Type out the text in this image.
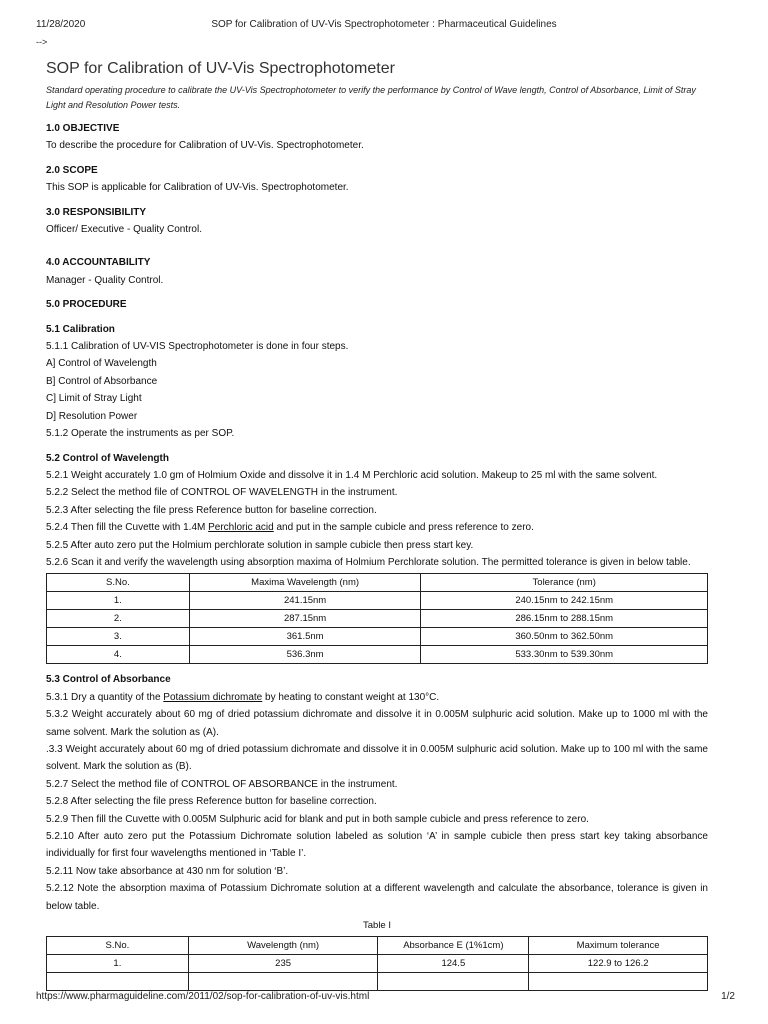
11/28/2020	SOP for Calibration of UV-Vis Spectrophotometer : Pharmaceutical Guidelines
-->
SOP for Calibration of UV-Vis Spectrophotometer

Standard operating procedure to calibrate the UV-Vis Spectrophotometer to verify the performance by Control of Wave length, Control of Absorbance, Limit of Stray Light and Resolution Power tests.

1.0 OBJECTIVE

To describe the procedure for Calibration of UV-Vis. Spectrophotometer.

2.0 SCOPE

This SOP is applicable for Calibration of UV-Vis. Spectrophotometer.

3.0 RESPONSIBILITY

Officer/ Executive - Quality Control.

4.0 ACCOUNTABILITY

Manager - Quality Control.

5.0 PROCEDURE

5.1 Calibration

5.1.1 Calibration of UV-VIS Spectrophotometer is done in four steps.

A] Control of Wavelength

B] Control of Absorbance

C] Limit of Stray Light

D] Resolution Power

5.1.2 Operate the instruments as per SOP.

5.2 Control of Wavelength

5.2.1 Weight accurately 1.0 gm of Holmium Oxide and dissolve it in 1.4 M Perchloric acid solution. Makeup to 25 ml with the same solvent.

5.2.2 Select the method file of CONTROL OF WAVELENGTH in the instrument.

5.2.3 After selecting the file press Reference button for baseline correction.

5.2.4 Then fill the Cuvette with 1.4M Perchloric acid and put in the sample cubicle and press reference to zero.

5.2.5 After auto zero put the Holmium perchlorate solution in sample cubicle then press start key.

5.2.6 Scan it and verify the wavelength using absorption maxima of Holmium Perchlorate solution. The permitted tolerance is given in below table.

S.No.	Maxima Wavelength (nm)	Tolerance (nm)
1.	241.15nm	240.15nm to 242.15nm
2.	287.15nm	286.15nm to 288.15nm
3.	361.5nm	360.50nm to 362.50nm
4.	536.3nm	533.30nm to 539.30nm

5.3 Control of Absorbance

5.3.1 Dry a quantity of the Potassium dichromate by heating to constant weight at 130°C.

5.3.2 Weight accurately about 60 mg of dried potassium dichromate and dissolve it in 0.005M sulphuric acid solution. Make up to 1000 ml with the same solvent. Mark the solution as (A).

.3.3 Weight accurately about 60 mg of dried potassium dichromate and dissolve it in 0.005M sulphuric acid solution. Make up to 100 ml with the same solvent. Mark the solution as (B).

5.2.7 Select the method file of CONTROL OF ABSORBANCE in the instrument.

5.2.8 After selecting the file press Reference button for baseline correction.

5.2.9 Then fill the Cuvette with 0.005M Sulphuric acid for blank and put in both sample cubicle and press reference to zero.

5.2.10 After auto zero put the Potassium Dichromate solution labeled as solution ‘A’ in sample cubicle then press start key taking absorbance individually for first four wavelengths mentioned in ‘Table I’.

5.2.11 Now take absorbance at 430 nm for solution ‘B’.

5.2.12 Note the absorption maxima of Potassium Dichromate solution at a different wavelength and calculate the absorbance, tolerance is given in below table.

Table I

S.No.	Wavelength (nm)	Absorbance E (1%1cm)	Maximum tolerance
1.	235	124.5	122.9 to 126.2

https://www.pharmaguideline.com/2011/02/sop-for-calibration-of-uv-vis.html	1/2
